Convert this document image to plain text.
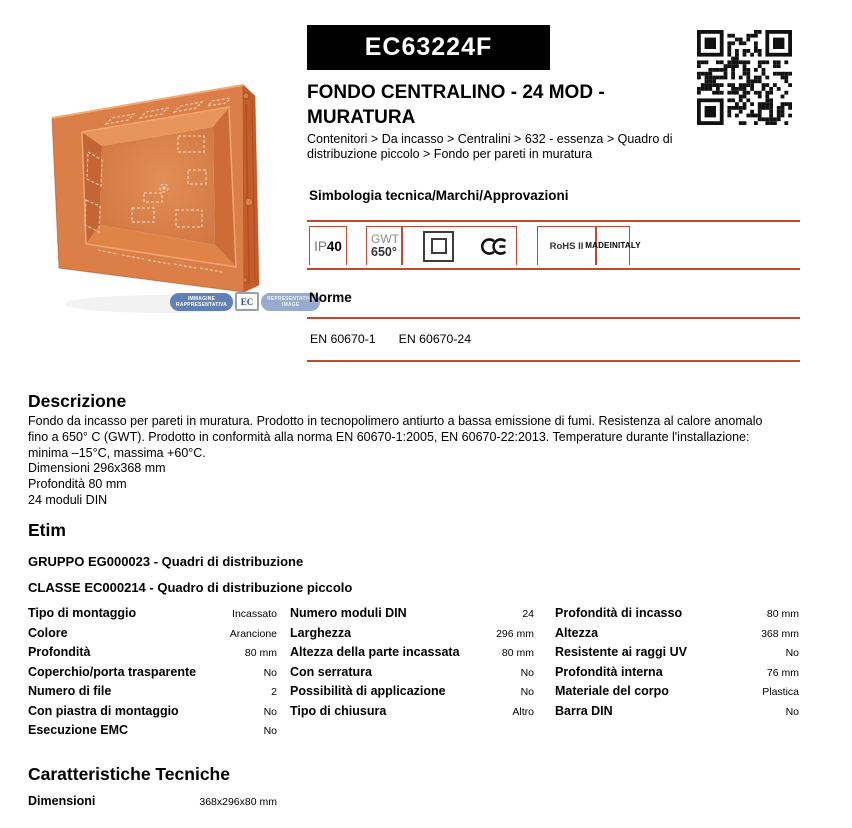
IMMAGINE
RAPPRESENTATIVA EC	REPRESENTATIVE
IMAGE
EC63224F
FONDO CENTRALINO - 24 MOD - MURATURA
Contenitori > Da incasso > Centralini > 632 - essenza > Quadro di distribuzione piccolo > Fondo per pareti in muratura
Simbologia tecnica/Marchi/Approvazioni
IP 40 GWT
650°	RoHS II MADE IN ITALY
Norme
EN 60670-1 EN 60670-24
Descrizione
Fondo da incasso per pareti in muratura. Prodotto in tecnopolimero antiurto a bassa emissione di fumi. Resistenza al calore anomalo
fino a 650° C (GWT). Prodotto in conformità alla norma EN 60670-1:2005, EN 60670-22:2013. Temperature durante l'installazione:
minima –15°C, massima +60°C.
Dimensioni 296x368 mm
Profondità 80 mm
24 moduli DIN
Etim
GRUPPO EG000023 - Quadri di distribuzione
CLASSE EC000214 - Quadro di distribuzione piccolo
Tipo di montaggio	Incassato
Colore	Arancione
Profondità	80 mm
Coperchio/porta trasparente	No
Numero di file	2
Con piastra di montaggio	No
Esecuzione EMC	No
Numero moduli DIN	24
Larghezza	296 mm
Altezza della parte incassata	80 mm
Con serratura	No
Possibilità di applicazione	No
Tipo di chiusura	Altro
Profondità di incasso	80 mm
Altezza	368 mm
Resistente ai raggi UV	No
Profondità interna	76 mm
Materiale del corpo	Plastica
Barra DIN	No
Caratteristiche Tecniche
Dimensioni	368x296x80 mm
